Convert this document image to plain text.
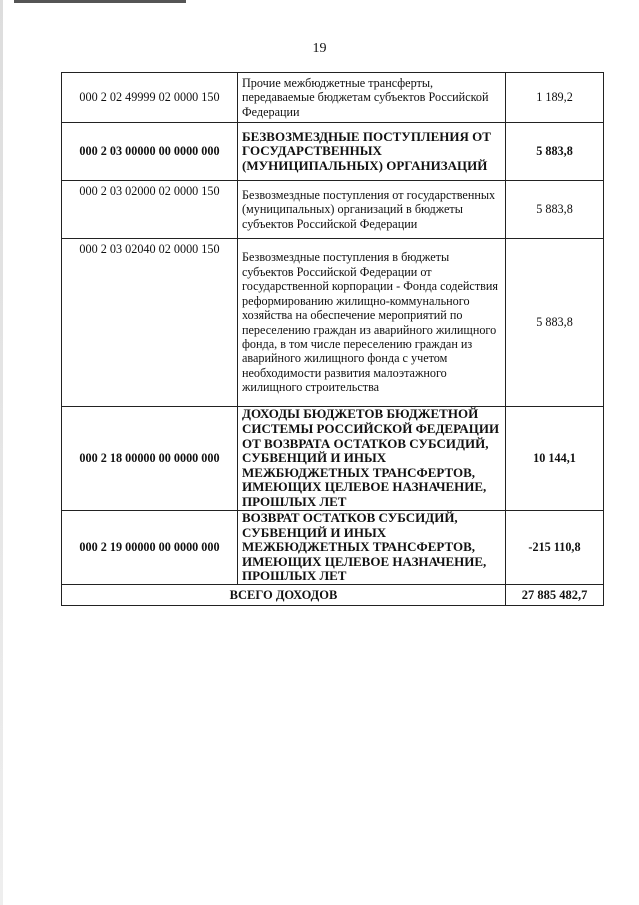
19
000 2 02 49999 02 0000 150	Прочие межбюджетные трансферты, передаваемые бюджетам субъектов Российской Федерации	1 189,2
000 2 03 00000 00 0000 000	БЕЗВОЗМЕЗДНЫЕ ПОСТУПЛЕНИЯ ОТ ГОСУДАРСТВЕННЫХ (МУНИЦИПАЛЬНЫХ) ОРГАНИЗАЦИЙ	5 883,8
000 2 03 02000 02 0000 150	Безвозмездные поступления от государственных (муниципальных) организаций в бюджеты субъектов Российской Федерации	5 883,8
000 2 03 02040 02 0000 150	Безвозмездные поступления в бюджеты субъектов Российской Федерации от государственной корпорации - Фонда содействия реформированию жилищно-коммунального хозяйства на обеспечение мероприятий по переселению граждан из аварийного жилищного фонда, в том числе переселению граждан из аварийного жилищного фонда с учетом необходимости развития малоэтажного жилищного строительства	5 883,8
000 2 18 00000 00 0000 000	ДОХОДЫ БЮДЖЕТОВ БЮДЖЕТНОЙ СИСТЕМЫ РОССИЙСКОЙ ФЕДЕРАЦИИ ОТ ВОЗВРАТА ОСТАТКОВ СУБСИДИЙ, СУБВЕНЦИЙ И ИНЫХ МЕЖБЮДЖЕТНЫХ ТРАНСФЕРТОВ, ИМЕЮЩИХ ЦЕЛЕВОЕ НАЗНАЧЕНИЕ, ПРОШЛЫХ ЛЕТ	10 144,1
000 2 19 00000 00 0000 000	ВОЗВРАТ ОСТАТКОВ СУБСИДИЙ, СУБВЕНЦИЙ И ИНЫХ МЕЖБЮДЖЕТНЫХ ТРАНСФЕРТОВ, ИМЕЮЩИХ ЦЕЛЕВОЕ НАЗНАЧЕНИЕ, ПРОШЛЫХ ЛЕТ	-215 110,8
ВСЕГО ДОХОДОВ		27 885 482,7
